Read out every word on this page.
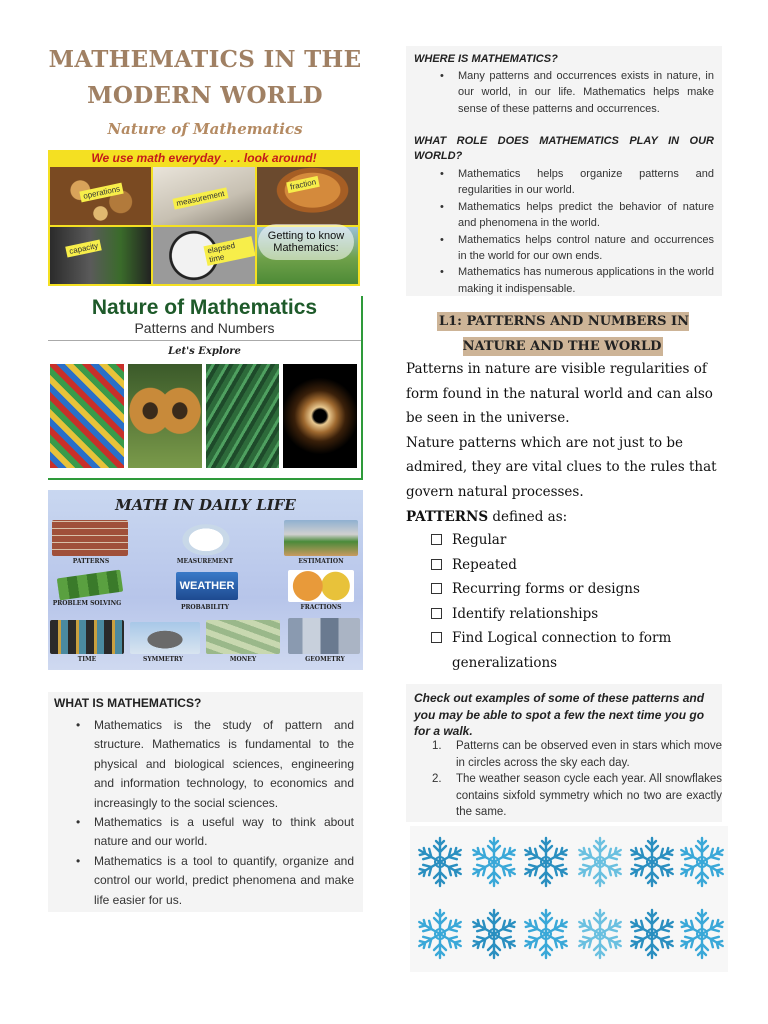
MATHEMATICS IN THE MODERN WORLD
Nature of Mathematics
We use math everyday . . . look around!
operations	measurement
fraction
capacity	elapsed time
Getting to know Mathematics:
Nature of Mathematics
Patterns and Numbers
Let's Explore
MATH IN DAILY LIFE
PATTERNS	MEASUREMENT	ESTIMATION
PROBLEM SOLVING
WEATHER
PROBABILITY	FRACTIONS
TIME	SYMMETRY	MONEY	GEOMETRY
WHAT IS MATHEMATICS?
• Mathematics is the study of pattern and structure. Mathematics is fundamental to the physical and biological sciences, engineering and information technology, to economics and increasingly to the social sciences.
• Mathematics is a useful way to think about nature and our world.
• Mathematics is a tool to quantify, organize and control our world, predict phenomena and make life easier for us.
WHERE IS MATHEMATICS?
• Many patterns and occurrences exists in nature, in our world, in our life. Mathematics helps make sense of these patterns and occurrences.
WHAT ROLE DOES MATHEMATICS PLAY IN OUR WORLD?
• Mathematics helps organize patterns and regularities in our world.
• Mathematics helps predict the behavior of nature and phenomena in the world.
• Mathematics helps control nature and occurrences in the world for our own ends.
• Mathematics has numerous applications in the world making it indispensable.
L1: PATTERNS AND NUMBERS IN NATURE AND THE WORLD

Patterns in nature are visible regularities of form found in the natural world and can also be seen in the universe.

Nature patterns which are not just to be admired, they are vital clues to the rules that govern natural processes.

PATTERNS defined as:

Regular
Repeated
Recurring forms or designs
Identify relationships
Find Logical connection to form generalizations
Check out examples of some of these patterns and you may be able to spot a few the next time you go for a walk.
1. Patterns can be observed even in stars which move in circles across the sky each day.
2. The weather season cycle each year. All snowflakes contains sixfold symmetry which no two are exactly the same.
